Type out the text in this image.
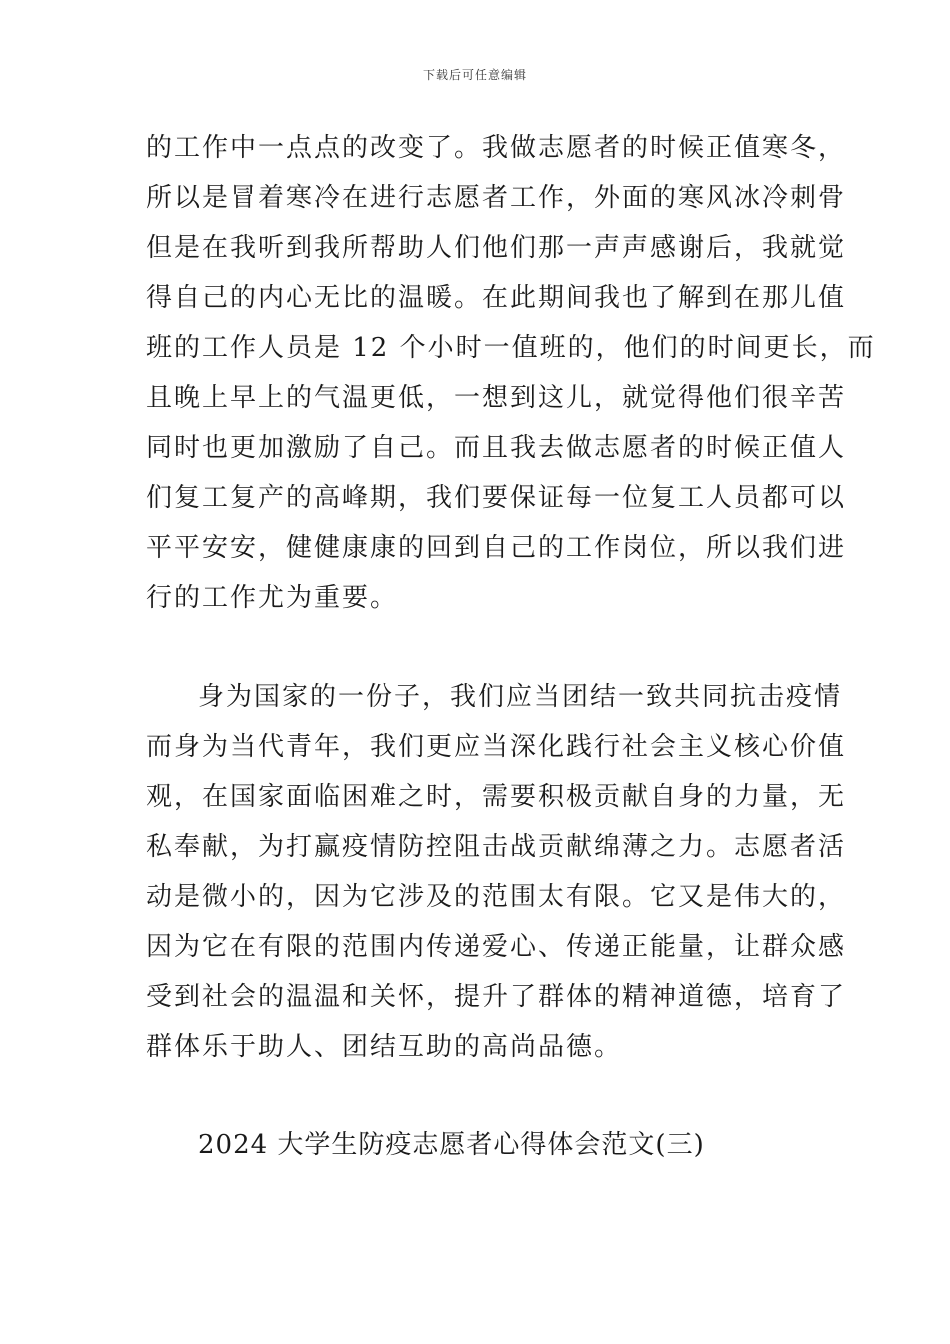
下载后可任意编辑
的工作中一点点的改变了。我做志愿者的时候正值寒冬，
所以是冒着寒冷在进行志愿者工作，外面的寒风冰冷刺骨
但是在我听到我所帮助人们他们那一声声感谢后，我就觉
得自己的内心无比的温暖。在此期间我也了解到在那儿值
班的工作人员是 12 个小时一值班的，他们的时间更长，而
且晚上早上的气温更低，一想到这儿，就觉得他们很辛苦
同时也更加激励了自己。而且我去做志愿者的时候正值人
们复工复产的高峰期，我们要保证每一位复工人员都可以
平平安安，健健康康的回到自己的工作岗位，所以我们进
行的工作尤为重要。
身为国家的一份子，我们应当团结一致共同抗击疫情
而身为当代青年，我们更应当深化践行社会主义核心价值
观，在国家面临困难之时，需要积极贡献自身的力量，无
私奉献，为打赢疫情防控阻击战贡献绵薄之力。志愿者活
动是微小的，因为它涉及的范围太有限。它又是伟大的，
因为它在有限的范围内传递爱心、传递正能量，让群众感
受到社会的温温和关怀，提升了群体的精神道德，培育了
群体乐于助人、团结互助的高尚品德。
2024 大学生防疫志愿者心得体会范文(三)
